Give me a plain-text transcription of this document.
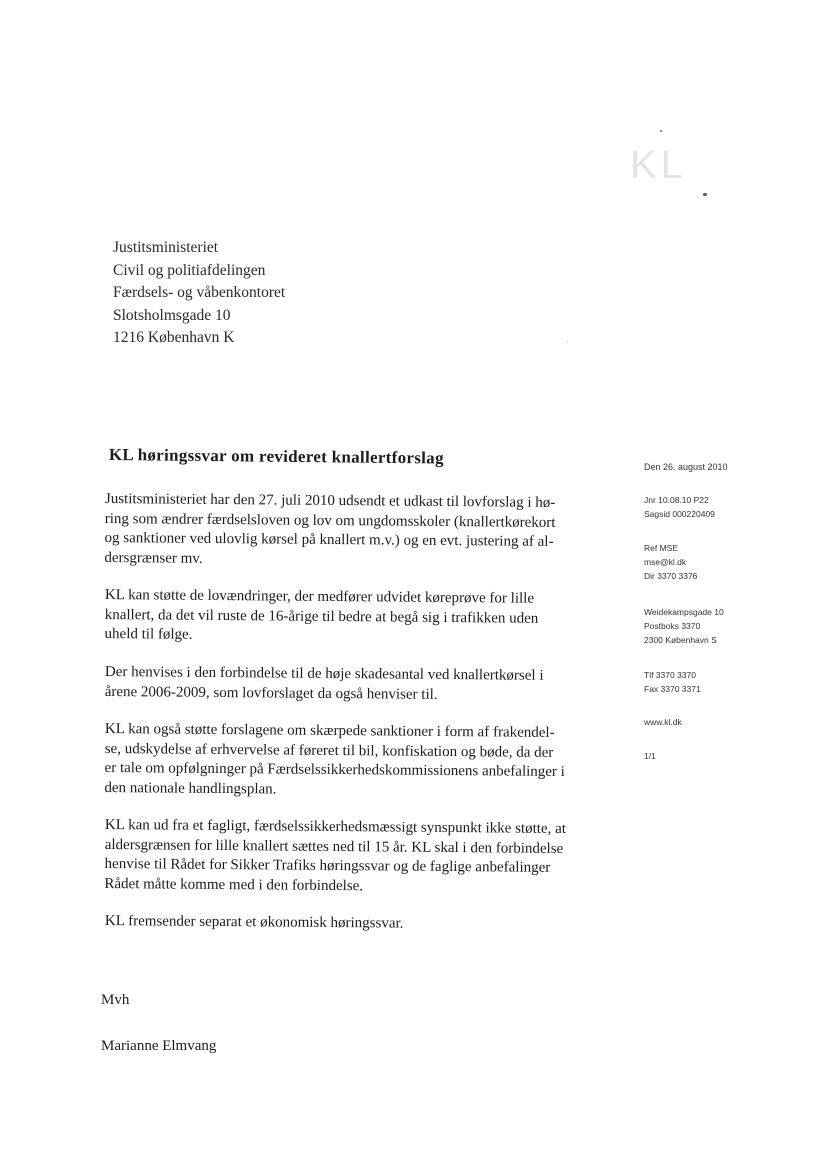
KL
Justitsministeriet
Civil og politiafdelingen
Færdsels- og våbenkontoret
Slotsholmsgade 10
1216 København K
KL høringssvar om revideret knallertforslag

Justitsministeriet har den 27. juli 2010 udsendt et udkast til lovforslag i hø-
ring som ændrer færdselsloven og lov om ungdomsskoler (knallertkørekort
og sanktioner ved ulovlig kørsel på knallert m.v.) og en evt. justering af al-
dersgrænser mv.

KL kan støtte de lovændringer, der medfører udvidet køreprøve for lille
knallert, da det vil ruste de 16-årige til bedre at begå sig i trafikken uden
uheld til følge.

Der henvises i den forbindelse til de høje skadesantal ved knallertkørsel i
årene 2006-2009, som lovforslaget da også henviser til.

KL kan også støtte forslagene om skærpede sanktioner i form af frakendel-
se, udskydelse af erhvervelse af føreret til bil, konfiskation og bøde, da der
er tale om opfølgninger på Færdselssikkerhedskommissionens anbefalinger i
den nationale handlingsplan.

KL kan ud fra et fagligt, færdselssikkerhedsmæssigt synspunkt ikke støtte, at
aldersgrænsen for lille knallert sættes ned til 15 år. KL skal i den forbindelse
henvise til Rådet for Sikker Trafiks høringssvar og de faglige anbefalinger
Rådet måtte komme med i den forbindelse.

KL fremsender separat et økonomisk høringssvar.

Mvh
Marianne Elmvang
Den 26. august 2010
Jnr 10.08.10 P22
Sagsid 000220409
Ref MSE
mse@kl.dk
Dir 3370 3376
Weidekampsgade 10
Postboks 3370
2300 København S
Tlf 3370 3370
Fax 3370 3371
www.kl.dk
1/1
